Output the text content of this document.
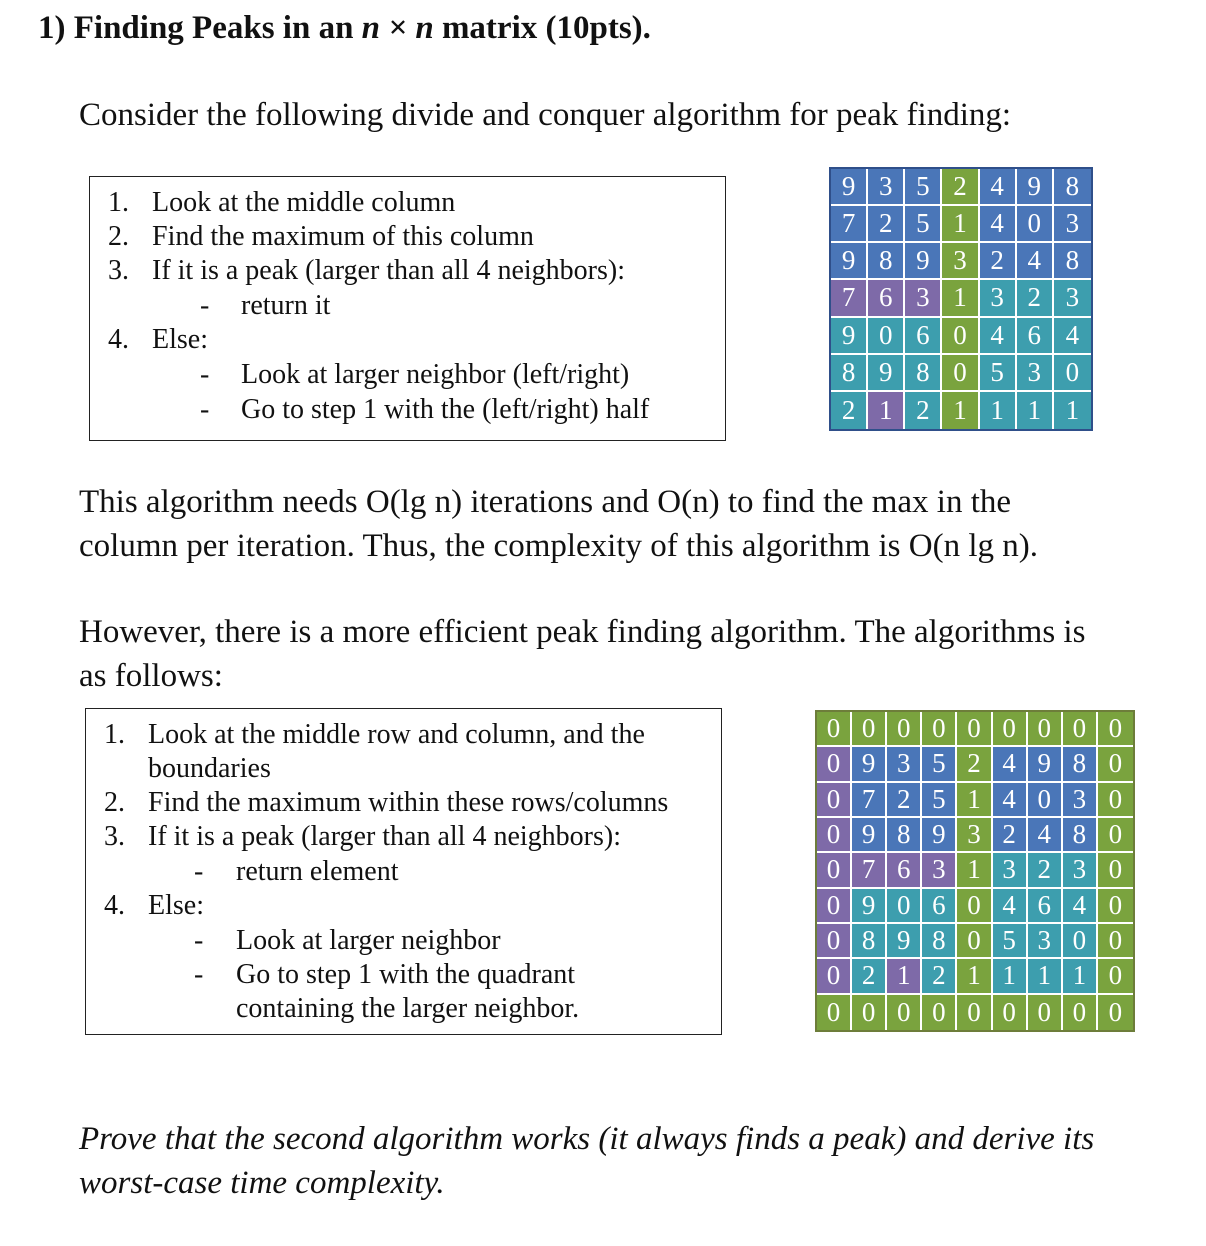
1) Finding Peaks in an n × n matrix (10pts).
Consider the following divide and conquer algorithm for peak finding:
1. Look at the middle column
2. Find the maximum of this column
3. If it is a peak (larger than all 4 neighbors):
- return it
4. Else:
- Look at larger neighbor (left/right)
- Go to step 1 with the (left/right) half
9 3 5 2 4 9 8
7 2 5 1 4 0 3
9 8 9 3 2 4 8
7 6 3 1 3 2 3
9 0 6 0 4 6 4
8 9 8 0 5 3 0
2 1 2 1 1 1 1
This algorithm needs O(lg n) iterations and O(n) to find the max in the
column per iteration. Thus, the complexity of this algorithm is O(n lg n).
However, there is a more efficient peak finding algorithm. The algorithms is
as follows:
1. Look at the middle row and column, and the
boundaries
2. Find the maximum within these rows/columns
3. If it is a peak (larger than all 4 neighbors):
- return element
4. Else:
- Look at larger neighbor
- Go to step 1 with the quadrant
containing the larger neighbor.
0 0 0 0 0 0 0 0 0
0 9 3 5 2 4 9 8 0
0 7 2 5 1 4 0 3 0
0 9 8 9 3 2 4 8 0
0 7 6 3 1 3 2 3 0
0 9 0 6 0 4 6 4 0
0 8 9 8 0 5 3 0 0
0 2 1 2 1 1 1 1 0
0 0 0 0 0 0 0 0 0
Prove that the second algorithm works (it always finds a peak) and derive its
worst-case time complexity.
